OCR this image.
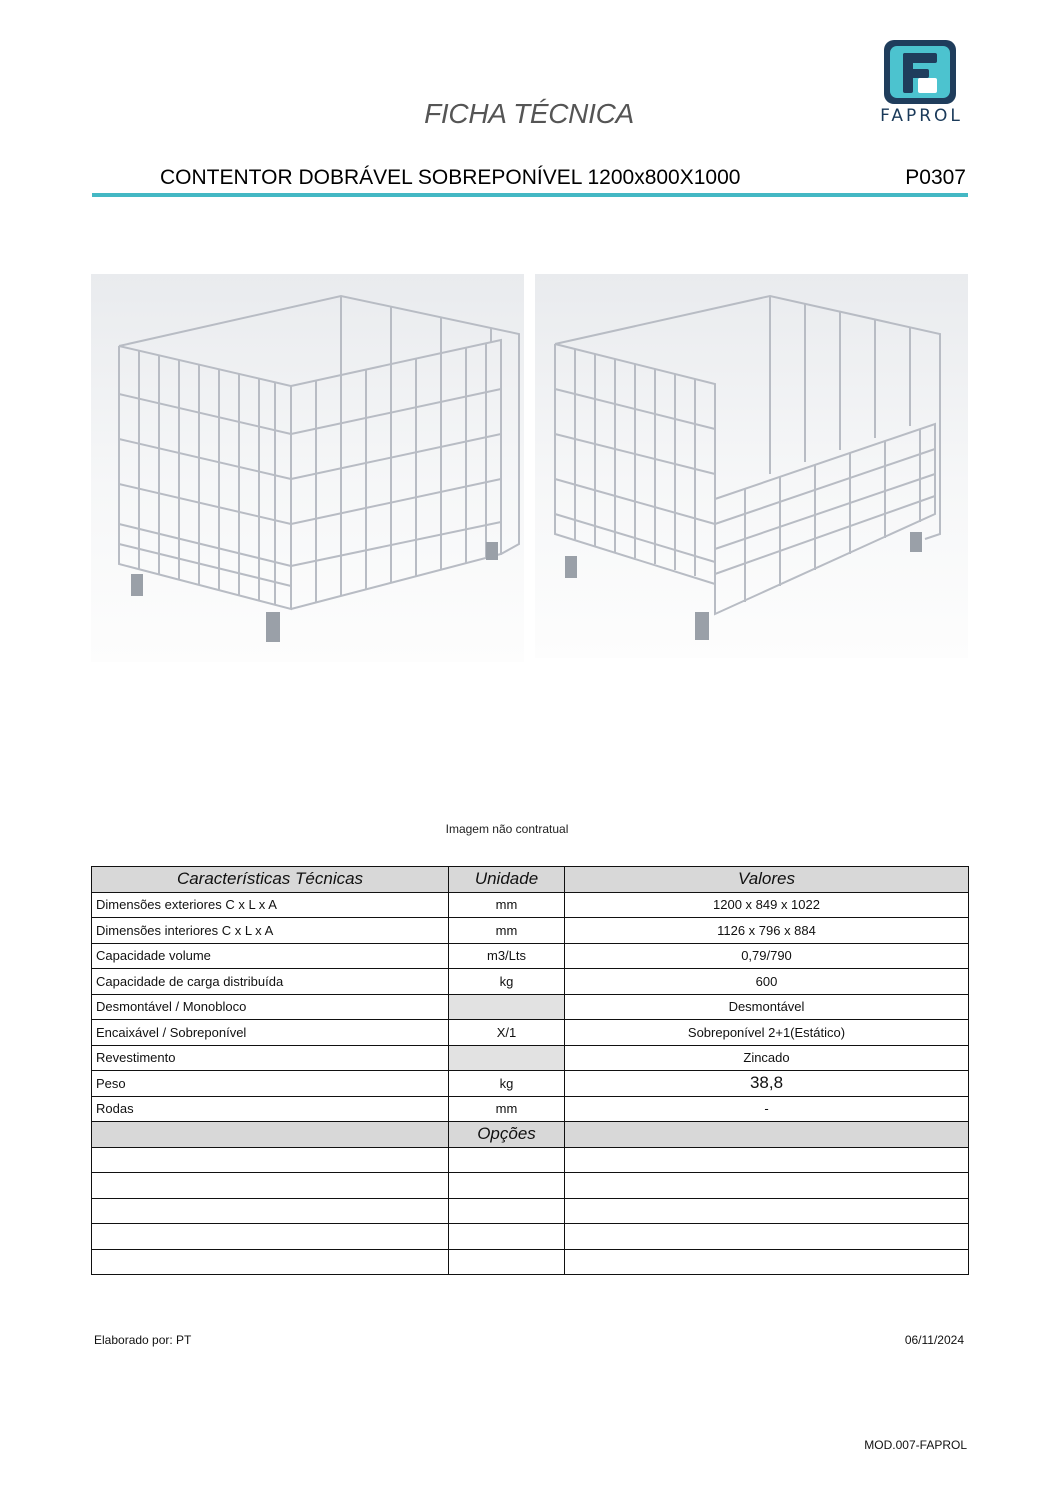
FICHA TÉCNICA	FAPROL
CONTENTOR DOBRÁVEL SOBREPONÍVEL 1200x800X1000	P0307
Imagem não contratual
Características Técnicas	Unidade	Valores
Dimensões exteriores C x L x A	mm	1200 x 849 x 1022
Dimensões interiores C x L x A	mm	1126 x 796 x 884
Capacidade volume	m3/Lts	0,79/790
Capacidade de carga distribuída	kg	600
Desmontável / Monobloco		Desmontável
Encaixável / Sobreponível	X/1	Sobreponível 2+1(Estático)
Revestimento		Zincado
Peso	kg	38,8
Rodas	mm	-
	Opções	

Elaborado por: PT	06/11/2024
MOD.007-FAPROL
